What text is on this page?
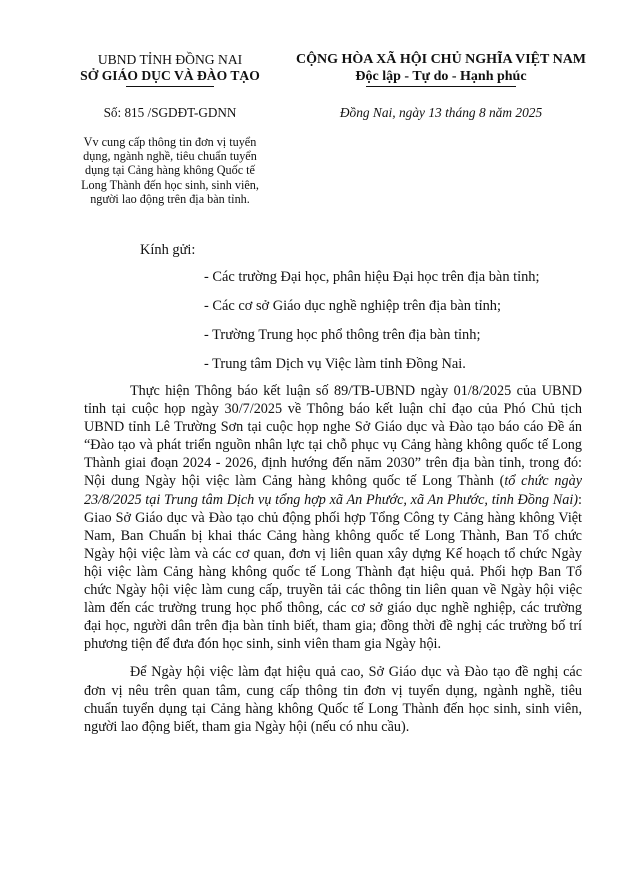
UBND TỈNH ĐỒNG NAI
SỞ GIÁO DỤC VÀ ĐÀO TẠO
Số: 815 /SGDĐT-GDNN
Vv cung cấp thông tin đơn vị tuyển dụng, ngành nghề, tiêu chuẩn tuyển dụng tại Cảng hàng không Quốc tế Long Thành đến học sinh, sinh viên, người lao động trên địa bàn tỉnh.
CỘNG HÒA XÃ HỘI CHỦ NGHĨA VIỆT NAM
Độc lập - Tự do - Hạnh phúc
Đồng Nai, ngày 13 tháng 8 năm 2025
Kính gửi:
- Các trường Đại học, phân hiệu Đại học trên địa bàn tỉnh;
- Các cơ sở Giáo dục nghề nghiệp trên địa bàn tỉnh;
- Trường Trung học phổ thông trên địa bàn tỉnh;
- Trung tâm Dịch vụ Việc làm tỉnh Đồng Nai.

Thực hiện Thông báo kết luận số 89/TB-UBND ngày 01/8/2025 của UBND tỉnh tại cuộc họp ngày 30/7/2025 về Thông báo kết luận chỉ đạo của Phó Chủ tịch UBND tỉnh Lê Trường Sơn tại cuộc họp nghe Sở Giáo dục và Đào tạo báo cáo Đề án “Đào tạo và phát triển nguồn nhân lực tại chỗ phục vụ Cảng hàng không quốc tế Long Thành giai đoạn 2024 - 2026, định hướng đến năm 2030” trên địa bàn tỉnh, trong đó: Nội dung Ngày hội việc làm Cảng hàng không quốc tế Long Thành (tổ chức ngày 23/8/2025 tại Trung tâm Dịch vụ tổng hợp xã An Phước, xã An Phước, tỉnh Đồng Nai): Giao Sở Giáo dục và Đào tạo chủ động phối hợp Tổng Công ty Cảng hàng không Việt Nam, Ban Chuẩn bị khai thác Cảng hàng không quốc tế Long Thành, Ban Tổ chức Ngày hội việc làm và các cơ quan, đơn vị liên quan xây dựng Kế hoạch tổ chức Ngày hội việc làm Cảng hàng không quốc tế Long Thành đạt hiệu quả. Phối hợp Ban Tổ chức Ngày hội việc làm cung cấp, truyền tải các thông tin liên quan về Ngày hội việc làm đến các trường trung học phổ thông, các cơ sở giáo dục nghề nghiệp, các trường đại học, người dân trên địa bàn tỉnh biết, tham gia; đồng thời đề nghị các trường bố trí phương tiện để đưa đón học sinh, sinh viên tham gia Ngày hội.

Để Ngày hội việc làm đạt hiệu quả cao, Sở Giáo dục và Đào tạo đề nghị các đơn vị nêu trên quan tâm, cung cấp thông tin đơn vị tuyển dụng, ngành nghề, tiêu chuẩn tuyển dụng tại Cảng hàng không Quốc tế Long Thành đến học sinh, sinh viên, người lao động biết, tham gia Ngày hội (nếu có nhu cầu).
